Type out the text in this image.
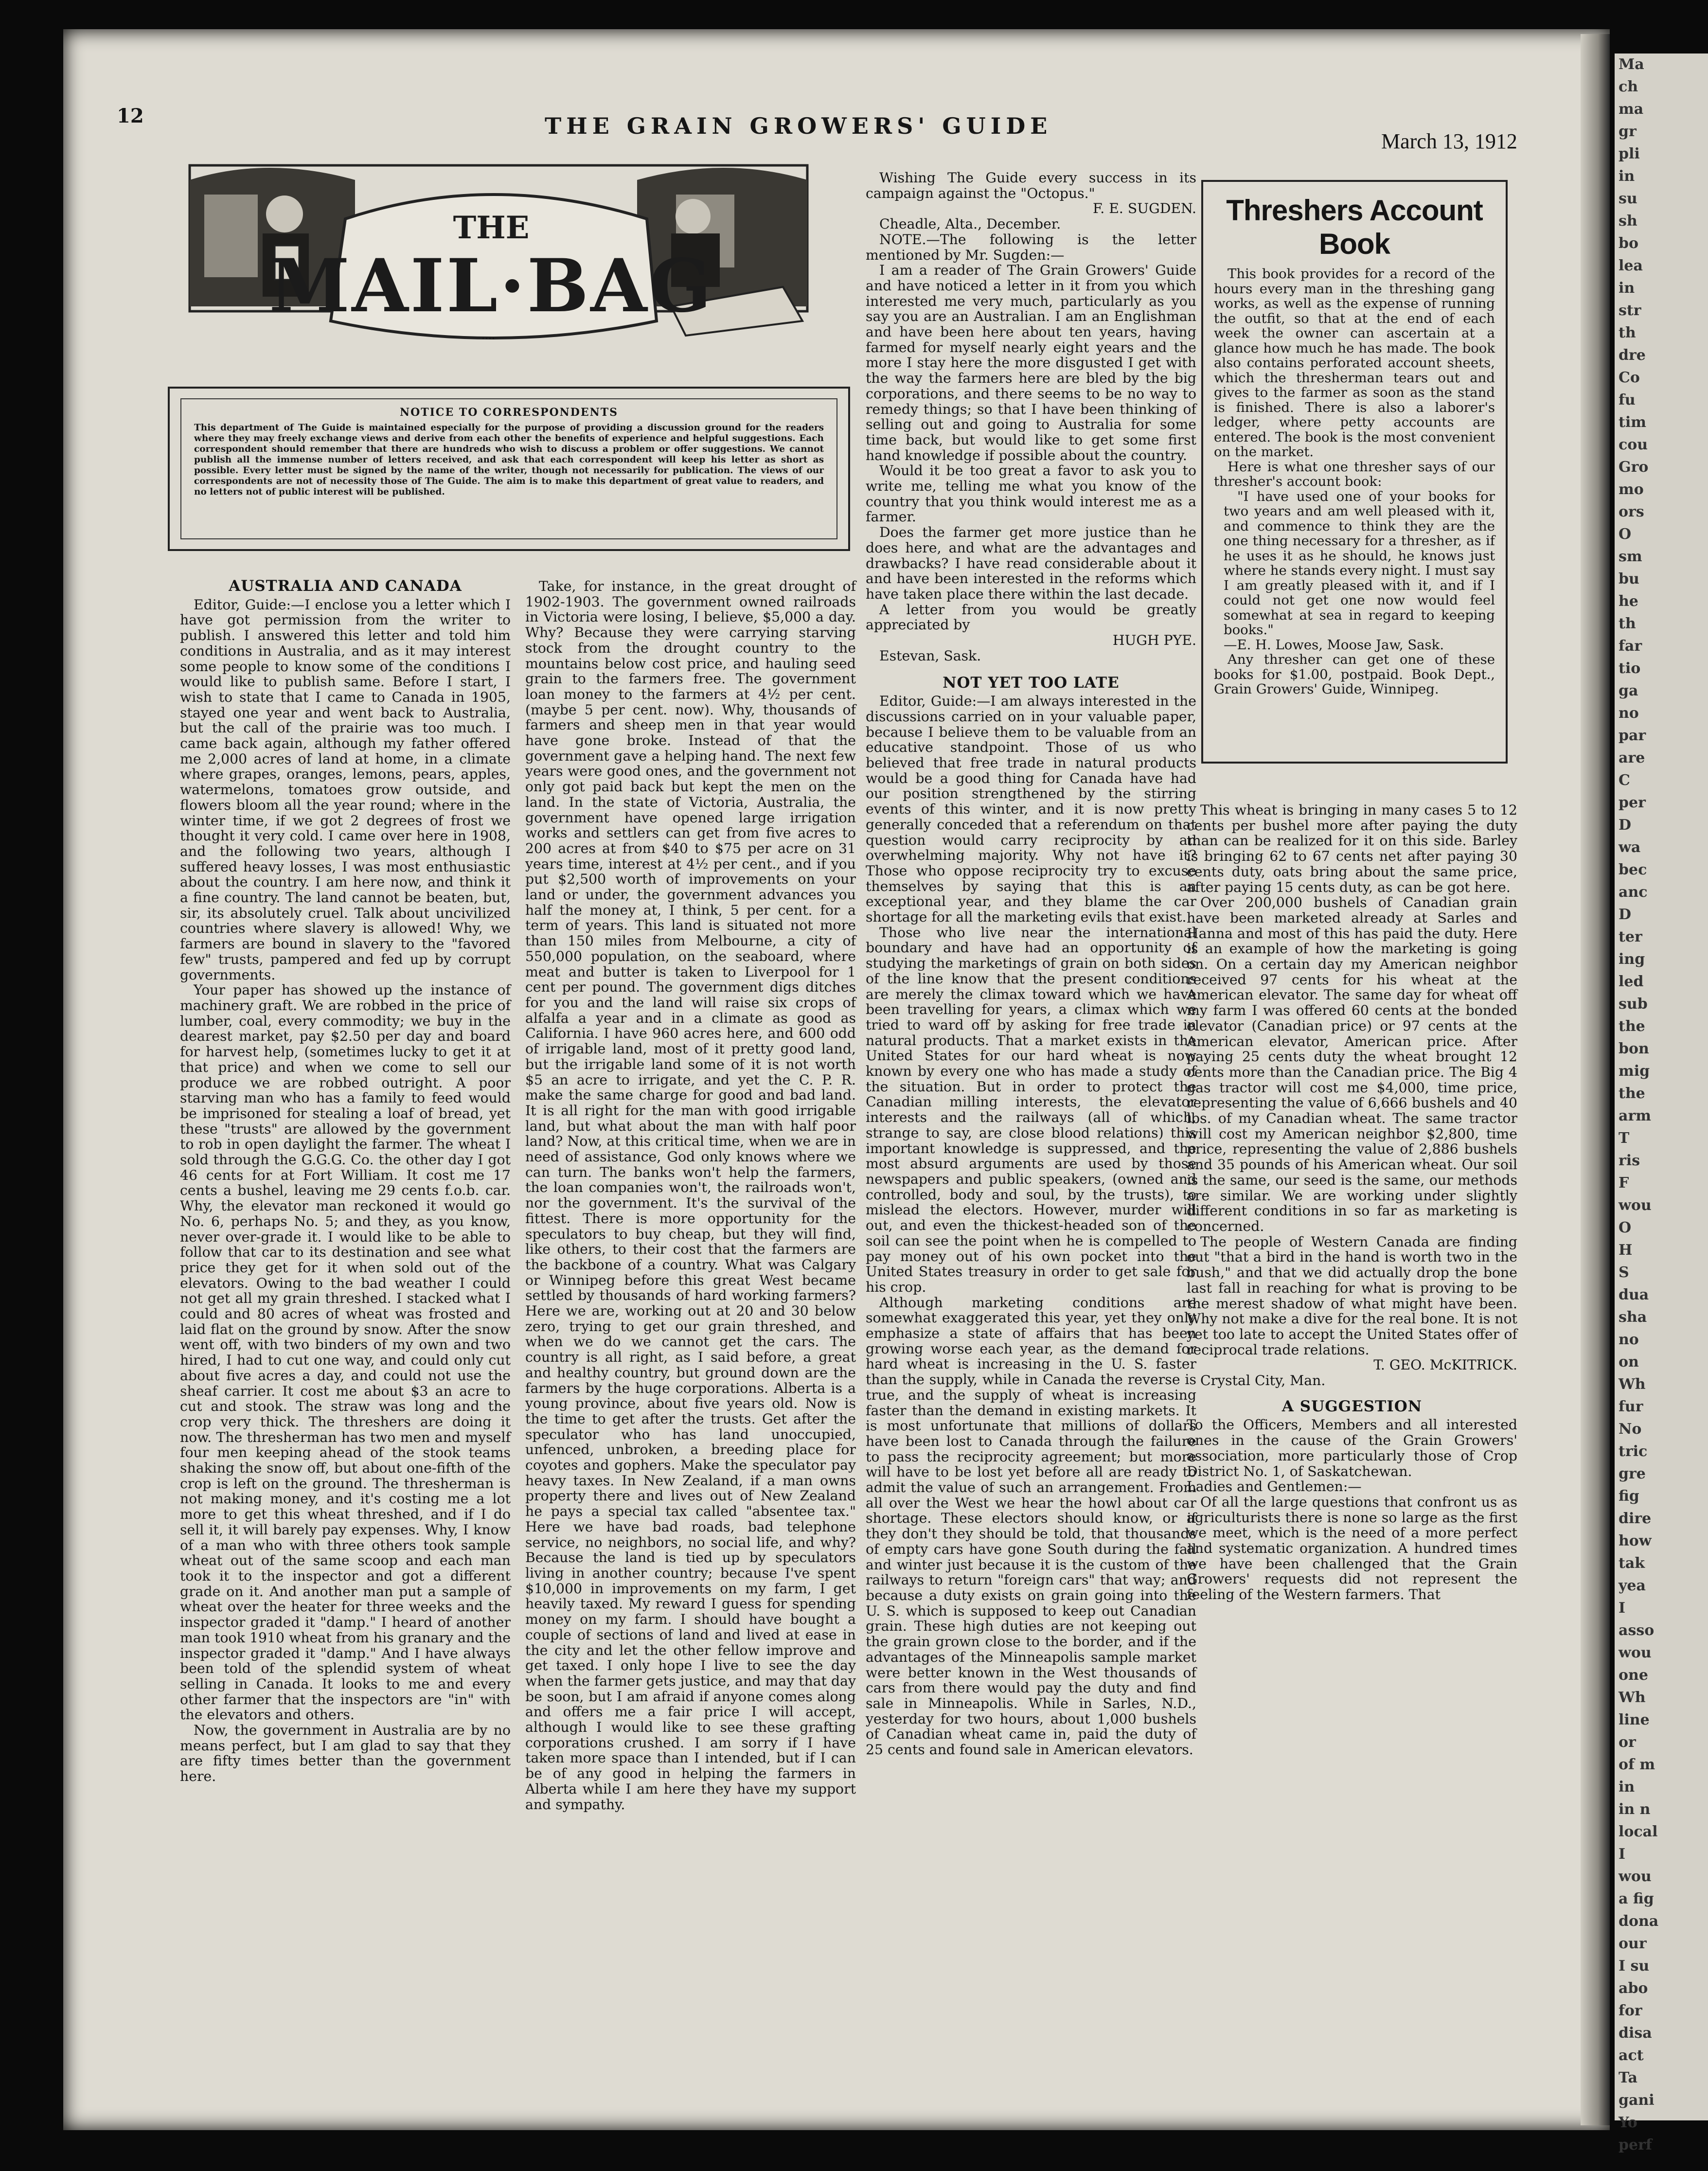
Ma
ch
ma
gr
pli
in
su
sh
bo
lea
in
str
th
dre
Co
fu
tim
cou
Gro
mo
ors
O
sm
bu
he
th
far
tio
ga
no
par
are
C
per
D
wa
bec
anc
D
ter
ing
led
sub
the
bon
mig
the
arm
T
ris
F
wou
O
H
S
dua
sha
no
on
Wh
fur
No
tric
gre
fig
dire
how
tak
yea
I
asso
wou
one
Wh
line
or
of m
in
in n
local
I
wou
a fig
dona
our
I su
abo
for
disa
act
Ta
gani
Yo
perf
12	THE GRAIN GROWERS' GUIDE
March 13, 1912
THE
MAIL·BAG
....
NOTICE TO CORRESPONDENTS

This department of The Guide is maintained especially for the purpose of providing a discussion ground for the readers where they may freely exchange views and derive from each other the benefits of experience and helpful suggestions. Each correspondent should remember that there are hundreds who wish to discuss a problem or offer suggestions. We cannot publish all the immense number of letters received, and ask that each correspondent will keep his letter as short as possible. Every letter must be signed by the name of the writer, though not necessarily for publication. The views of our correspondents are not of necessity those of The Guide. The aim is to make this department of great value to readers, and no letters not of public interest will be published.

AUSTRALIA AND CANADA

Editor, Guide:—I enclose you a letter which I have got permission from the writer to publish. I answered this letter and told him conditions in Australia, and as it may interest some people to know some of the conditions I would like to publish same. Before I start, I wish to state that I came to Canada in 1905, stayed one year and went back to Australia, but the call of the prairie was too much. I came back again, although my father offered me 2,000 acres of land at home, in a climate where grapes, oranges, lemons, pears, apples, watermelons, tomatoes grow outside, and flowers bloom all the year round; where in the winter time, if we got 2 degrees of frost we thought it very cold. I came over here in 1908, and the following two years, although I suffered heavy losses, I was most enthusiastic about the country. I am here now, and think it a fine country. The land cannot be beaten, but, sir, its absolutely cruel. Talk about uncivilized countries where slavery is allowed! Why, we farmers are bound in slavery to the "favored few" trusts, pampered and fed up by corrupt governments.

Your paper has showed up the instance of machinery graft. We are robbed in the price of lumber, coal, every commodity; we buy in the dearest market, pay $2.50 per day and board for harvest help, (sometimes lucky to get it at that price) and when we come to sell our produce we are robbed outright. A poor starving man who has a family to feed would be imprisoned for stealing a loaf of bread, yet these "trusts" are allowed by the government to rob in open daylight the farmer. The wheat I sold through the G.G.G. Co. the other day I got 46 cents for at Fort William. It cost me 17 cents a bushel, leaving me 29 cents f.o.b. car. Why, the elevator man reckoned it would go No. 6, perhaps No. 5; and they, as you know, never over-grade it. I would like to be able to follow that car to its destination and see what price they get for it when sold out of the elevators. Owing to the bad weather I could not get all my grain threshed. I stacked what I could and 80 acres of wheat was frosted and laid flat on the ground by snow. After the snow went off, with two binders of my own and two hired, I had to cut one way, and could only cut about five acres a day, and could not use the sheaf carrier. It cost me about $3 an acre to cut and stook. The straw was long and the crop very thick. The threshers are doing it now. The thresherman has two men and myself four men keeping ahead of the stook teams shaking the snow off, but about one-fifth of the crop is left on the ground. The thresherman is not making money, and it's costing me a lot more to get this wheat threshed, and if I do sell it, it will barely pay expenses. Why, I know of a man who with three others took sample wheat out of the same scoop and each man took it to the inspector and got a different grade on it. And another man put a sample of wheat over the heater for three weeks and the inspector graded it "damp." I heard of another man took 1910 wheat from his granary and the inspector graded it "damp." And I have always been told of the splendid system of wheat selling in Canada. It looks to me and every other farmer that the inspectors are "in" with the elevators and others.

Now, the government in Australia are by no means perfect, but I am glad to say that they are fifty times better than the government here.

Take, for instance, in the great drought of 1902-1903. The government owned railroads in Victoria were losing, I believe, $5,000 a day. Why? Because they were carrying starving stock from the drought country to the mountains below cost price, and hauling seed grain to the farmers free. The government loan money to the farmers at 4½ per cent. (maybe 5 per cent. now). Why, thousands of farmers and sheep men in that year would have gone broke. Instead of that the government gave a helping hand. The next few years were good ones, and the government not only got paid back but kept the men on the land. In the state of Victoria, Australia, the government have opened large irrigation works and settlers can get from five acres to 200 acres at from $40 to $75 per acre on 31 years time, interest at 4½ per cent., and if you put $2,500 worth of improvements on your land or under, the government advances you half the money at, I think, 5 per cent. for a term of years. This land is situated not more than 150 miles from Melbourne, a city of 550,000 population, on the seaboard, where meat and butter is taken to Liverpool for 1 cent per pound. The government digs ditches for you and the land will raise six crops of alfalfa a year and in a climate as good as California. I have 960 acres here, and 600 odd of irrigable land, most of it pretty good land, but the irrigable land some of it is not worth $5 an acre to irrigate, and yet the C. P. R. make the same charge for good and bad land. It is all right for the man with good irrigable land, but what about the man with half poor land? Now, at this critical time, when we are in need of assistance, God only knows where we can turn. The banks won't help the farmers, the loan companies won't, the railroads won't, nor the government. It's the survival of the fittest. There is more opportunity for the speculators to buy cheap, but they will find, like others, to their cost that the farmers are the backbone of a country. What was Calgary or Winnipeg before this great West became settled by thousands of hard working farmers? Here we are, working out at 20 and 30 below zero, trying to get our grain threshed, and when we do we cannot get the cars. The country is all right, as I said before, a great and healthy country, but ground down are the farmers by the huge corporations. Alberta is a young province, about five years old. Now is the time to get after the trusts. Get after the speculator who has land unoccupied, unfenced, unbroken, a breeding place for coyotes and gophers. Make the speculator pay heavy taxes. In New Zealand, if a man owns property there and lives out of New Zealand he pays a special tax called "absentee tax." Here we have bad roads, bad telephone service, no neighbors, no social life, and why? Because the land is tied up by speculators living in another country; because I've spent $10,000 in improvements on my farm, I get heavily taxed. My reward I guess for spending money on my farm. I should have bought a couple of sections of land and lived at ease in the city and let the other fellow improve and get taxed. I only hope I live to see the day when the farmer gets justice, and may that day be soon, but I am afraid if anyone comes along and offers me a fair price I will accept, although I would like to see these grafting corporations crushed. I am sorry if I have taken more space than I intended, but if I can be of any good in helping the farmers in Alberta while I am here they have my support and sympathy.

Wishing The Guide every success in its campaign against the "Octopus."

F. E. SUGDEN.

Cheadle, Alta., December.

NOTE.—The following is the letter mentioned by Mr. Sugden:—

I am a reader of The Grain Growers' Guide and have noticed a letter in it from you which interested me very much, particularly as you say you are an Australian. I am an Englishman and have been here about ten years, having farmed for myself nearly eight years and the more I stay here the more disgusted I get with the way the farmers here are bled by the big corporations, and there seems to be no way to remedy things; so that I have been thinking of selling out and going to Australia for some time back, but would like to get some first hand knowledge if possible about the country.

Would it be too great a favor to ask you to write me, telling me what you know of the country that you think would interest me as a farmer.

Does the farmer get more justice than he does here, and what are the advantages and drawbacks? I have read considerable about it and have been interested in the reforms which have taken place there within the last decade.

A letter from you would be greatly appreciated by

HUGH PYE.

Estevan, Sask.

NOT YET TOO LATE

Editor, Guide:—I am always interested in the discussions carried on in your valuable paper, because I believe them to be valuable from an educative standpoint. Those of us who believed that free trade in natural products would be a good thing for Canada have had our position strengthened by the stirring events of this winter, and it is now pretty generally conceded that a referendum on that question would carry reciprocity by an overwhelming majority. Why not have it? Those who oppose reciprocity try to excuse themselves by saying that this is an exceptional year, and they blame the car shortage for all the marketing evils that exist.

Those who live near the international boundary and have had an opportunity of studying the marketings of grain on both sides of the line know that the present conditions are merely the climax toward which we have been travelling for years, a climax which we tried to ward off by asking for free trade in natural products. That a market exists in the United States for our hard wheat is now known by every one who has made a study of the situation. But in order to protect the Canadian milling interests, the elevator interests and the railways (all of which, strange to say, are close blood relations) this important knowledge is suppressed, and the most absurd arguments are used by those newspapers and public speakers, (owned and controlled, body and soul, by the trusts), to mislead the electors. However, murder will out, and even the thickest-headed son of the soil can see the point when he is compelled to pay money out of his own pocket into the United States treasury in order to get sale for his crop.

Although marketing conditions are somewhat exaggerated this year, yet they only emphasize a state of affairs that has been growing worse each year, as the demand for hard wheat is increasing in the U. S. faster than the supply, while in Canada the reverse is true, and the supply of wheat is increasing faster than the demand in existing markets. It is most unfortunate that millions of dollars have been lost to Canada through the failure to pass the reciprocity agreement; but more will have to be lost yet before all are ready to admit the value of such an arrangement. From all over the West we hear the howl about car shortage. These electors should know, or if they don't they should be told, that thousands of empty cars have gone South during the fall and winter just because it is the custom of the railways to return "foreign cars" that way; and because a duty exists on grain going into the U. S. which is supposed to keep out Canadian grain. These high duties are not keeping out the grain grown close to the border, and if the advantages of the Minneapolis sample market were better known in the West thousands of cars from there would pay the duty and find sale in Minneapolis. While in Sarles, N.D., yesterday for two hours, about 1,000 bushels of Canadian wheat came in, paid the duty of 25 cents and found sale in American elevators.

Threshers Account Book

This book provides for a record of the hours every man in the threshing gang works, as well as the expense of running the outfit, so that at the end of each week the owner can ascertain at a glance how much he has made. The book also contains perforated account sheets, which the thresherman tears out and gives to the farmer as soon as the stand is finished. There is also a laborer's ledger, where petty accounts are entered. The book is the most convenient on the market.

Here is what one thresher says of our thresher's account book:

"I have used one of your books for two years and am well pleased with it, and commence to think they are the one thing necessary for a thresher, as if he uses it as he should, he knows just where he stands every night. I must say I am greatly pleased with it, and if I could not get one now would feel somewhat at sea in regard to keeping books."

—E. H. Lowes, Moose Jaw, Sask.

Any thresher can get one of these books for $1.00, postpaid. Book Dept., Grain Growers' Guide, Winnipeg.

This wheat is bringing in many cases 5 to 12 cents per bushel more after paying the duty than can be realized for it on this side. Barley is bringing 62 to 67 cents net after paying 30 cents duty, oats bring about the same price, after paying 15 cents duty, as can be got here.

Over 200,000 bushels of Canadian grain have been marketed already at Sarles and Hanna and most of this has paid the duty. Here is an example of how the marketing is going on. On a certain day my American neighbor received 97 cents for his wheat at the American elevator. The same day for wheat off my farm I was offered 60 cents at the bonded elevator (Canadian price) or 97 cents at the American elevator, American price. After paying 25 cents duty the wheat brought 12 cents more than the Canadian price. The Big 4 gas tractor will cost me $4,000, time price, representing the value of 6,666 bushels and 40 lbs. of my Canadian wheat. The same tractor will cost my American neighbor $2,800, time price, representing the value of 2,886 bushels and 35 pounds of his American wheat. Our soil is the same, our seed is the same, our methods are similar. We are working under slightly different conditions in so far as marketing is concerned.

The people of Western Canada are finding out "that a bird in the hand is worth two in the bush," and that we did actually drop the bone last fall in reaching for what is proving to be the merest shadow of what might have been. Why not make a dive for the real bone. It is not yet too late to accept the United States offer of reciprocal trade relations.

T. GEO. McKITRICK.

Crystal City, Man.

A SUGGESTION

To the Officers, Members and all interested ones in the cause of the Grain Growers' association, more particularly those of Crop District No. 1, of Saskatchewan.

Ladies and Gentlemen:—

Of all the large questions that confront us as agriculturists there is none so large as the first we meet, which is the need of a more perfect and systematic organization. A hundred times we have been challenged that the Grain Growers' requests did not represent the feeling of the Western farmers. That
